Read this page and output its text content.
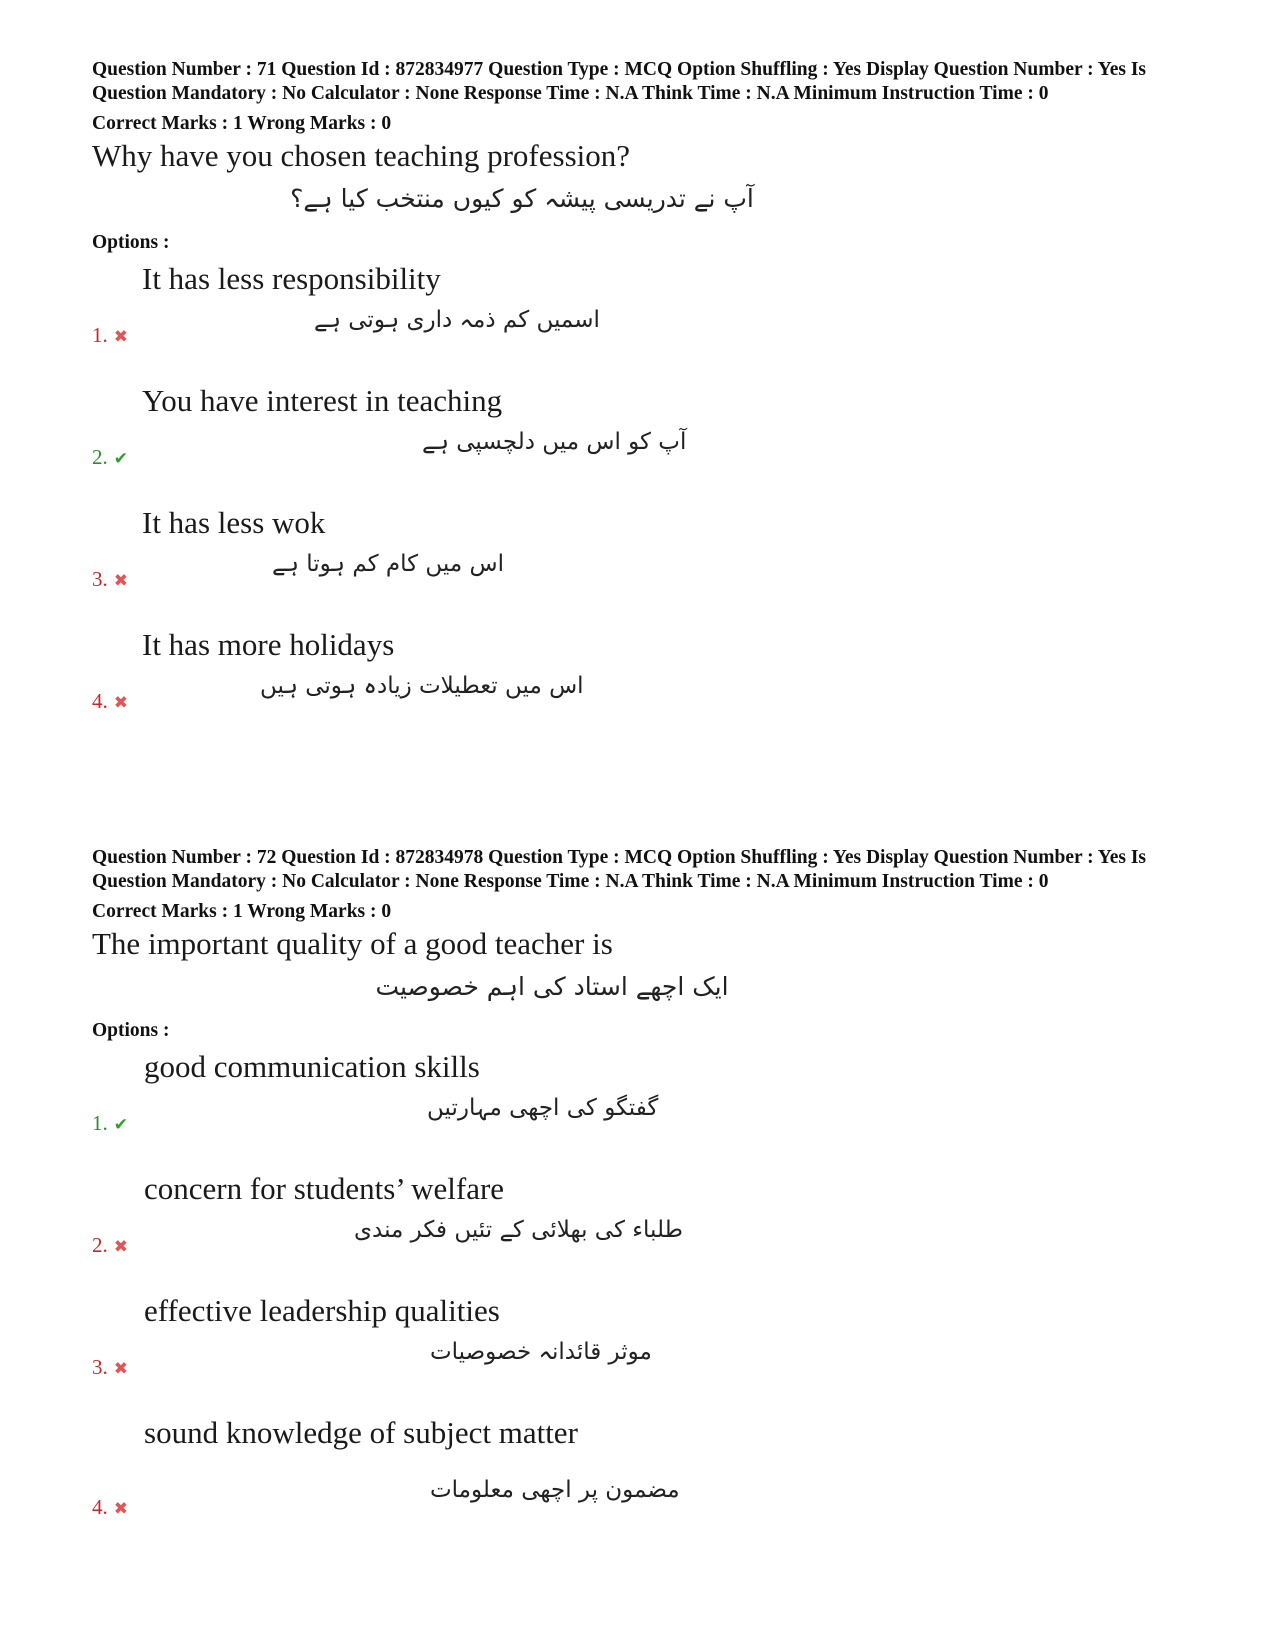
Question Number : 71 Question Id : 872834977 Question Type : MCQ Option Shuffling : Yes Display Question Number : Yes Is Question Mandatory : No Calculator : None Response Time : N.A Think Time : N.A Minimum Instruction Time : 0

Correct Marks : 1 Wrong Marks : 0
Why have you chosen teaching profession?
آپ نے تدریسی پیشہ کو کیوں منتخب کیا ہے؟
Options :
It has less responsibility
اسمیں کم ذمہ داری ہوتی ہے
1. ✖
You have interest in teaching
آپ کو اس میں دلچسپی ہے
2. ✔
It has less wok
اس میں کام کم ہوتا ہے
3. ✖
It has more holidays
اس میں تعطیلات زیادہ ہوتی ہیں
4. ✖

Question Number : 72 Question Id : 872834978 Question Type : MCQ Option Shuffling : Yes Display Question Number : Yes Is Question Mandatory : No Calculator : None Response Time : N.A Think Time : N.A Minimum Instruction Time : 0

Correct Marks : 1 Wrong Marks : 0
The important quality of a good teacher is
ایک اچھے استاد کی اہم خصوصیت
Options :
good communication skills
گفتگو کی اچھی مہارتیں
1. ✔
concern for students’ welfare
طلباء کی بھلائی کے تئیں فکر مندی
2. ✖
effective leadership qualities
موثر قائدانہ خصوصیات
3. ✖
sound knowledge of subject matter
مضمون پر اچھی معلومات
4. ✖
